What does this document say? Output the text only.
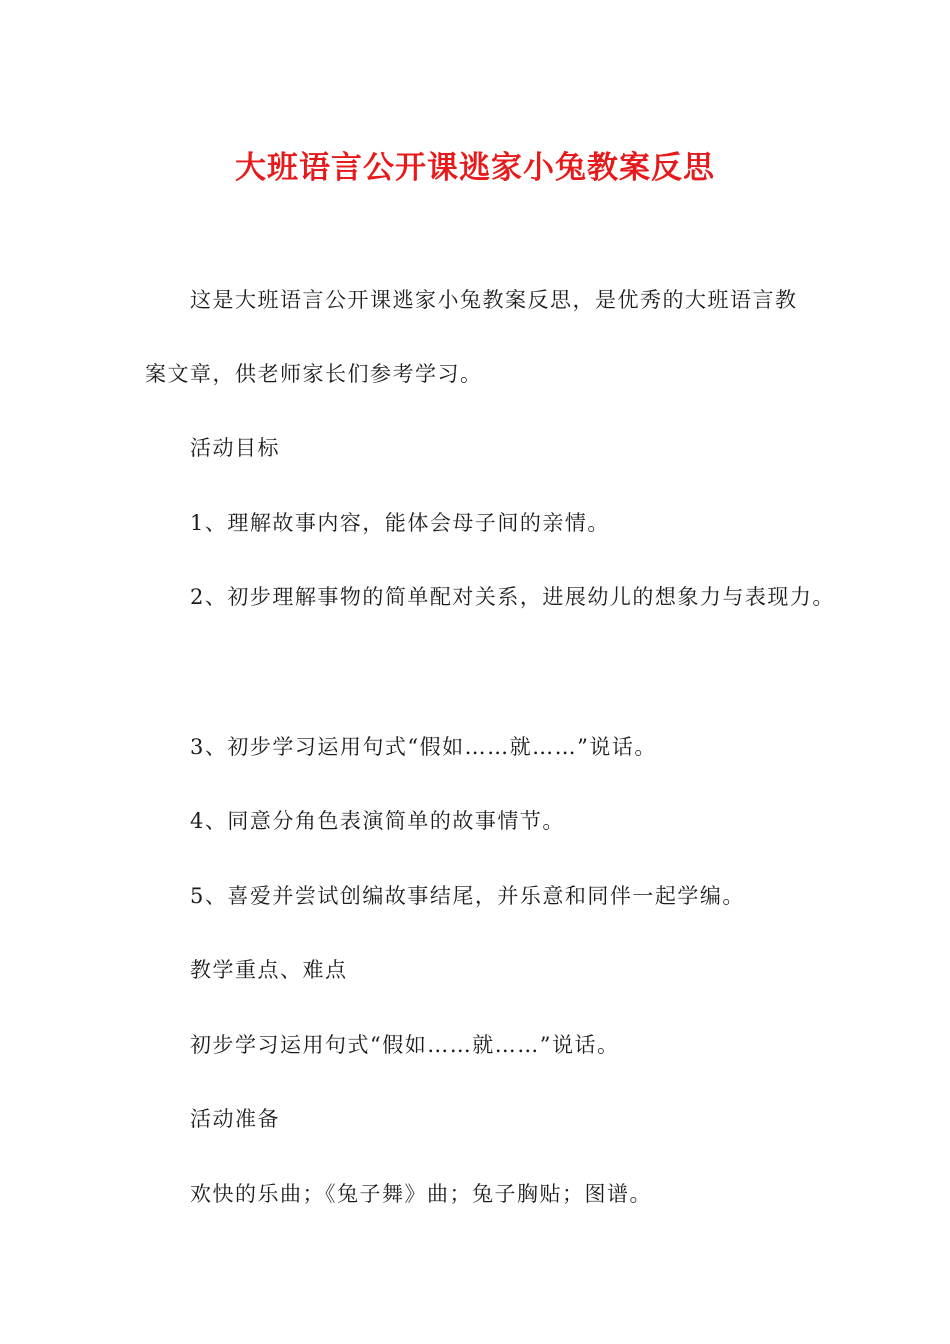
大班语言公开课逃家小兔教案反思
这是大班语言公开课逃家小兔教案反思，是优秀的大班语言教
案文章，供老师家长们参考学习。
活动目标
1、理解故事内容，能体会母子间的亲情。
2、初步理解事物的简单配对关系，进展幼儿的想象力与表现力。
3、初步学习运用句式“假如……就……”说话。
4、同意分角色表演简单的故事情节。
5、喜爱并尝试创编故事结尾，并乐意和同伴一起学编。
教学重点、难点
初步学习运用句式“假如……就……”说话。
活动准备
欢快的乐曲；《兔子舞》曲；兔子胸贴；图谱。
